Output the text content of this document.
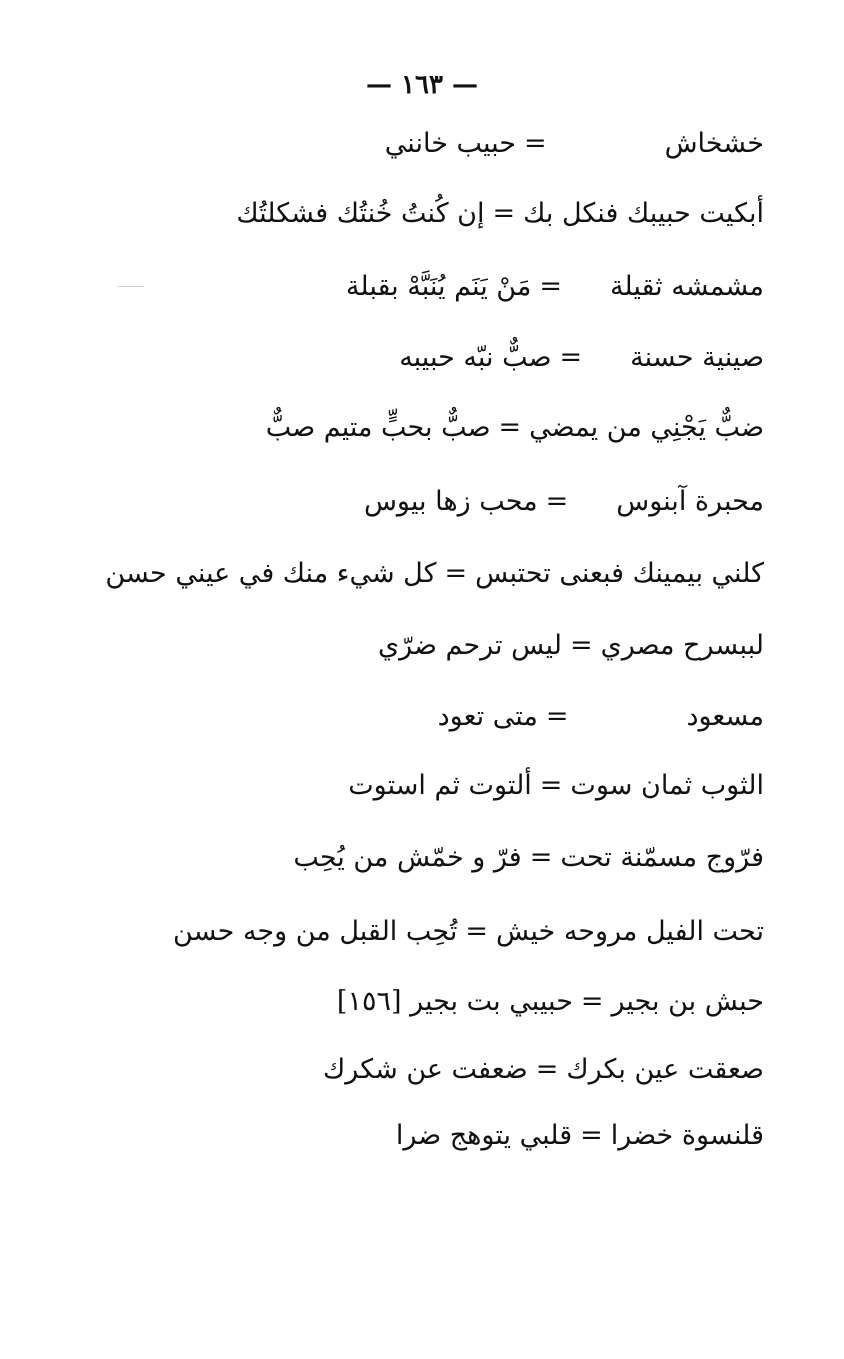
— ١٦٣ —
خشخاش=حبيب خانني
أبكيت حبيبك فنكل بك=إن كُنتُ خُنتُك فشكلتُك
مشمشه ثقيلة=مَنْ يَنَم يُنَبَّهْ بقبلة
صينية حسنة=صبٌّ نبّه حبيبه
ضبٌّ يَجْنِي من يمضي=صبٌّ بحبٍّ متيم صبٌّ
محبرة آبنوس=محب زها بيوس
كلني بيمينك فبعنى تحتبس=كل شيء منك في عيني حسن
لببسرح مصري=ليس ترحم ضرّي
مسعود=متى تعود
الثوب ثمان سوت=ألتوت ثم استوت
فرّوج مسمّنة تحت=فرّ و خمّش من يُحِب
تحت الفيل مروحه خيش=تُحِب القبل من وجه حسن
حبش بن بجير=حبيبي بت بجير [١٥٦]
صعقت عين بكرك=ضعفت عن شكرك
قلنسوة خضرا=قلبي يتوهج ضرا
